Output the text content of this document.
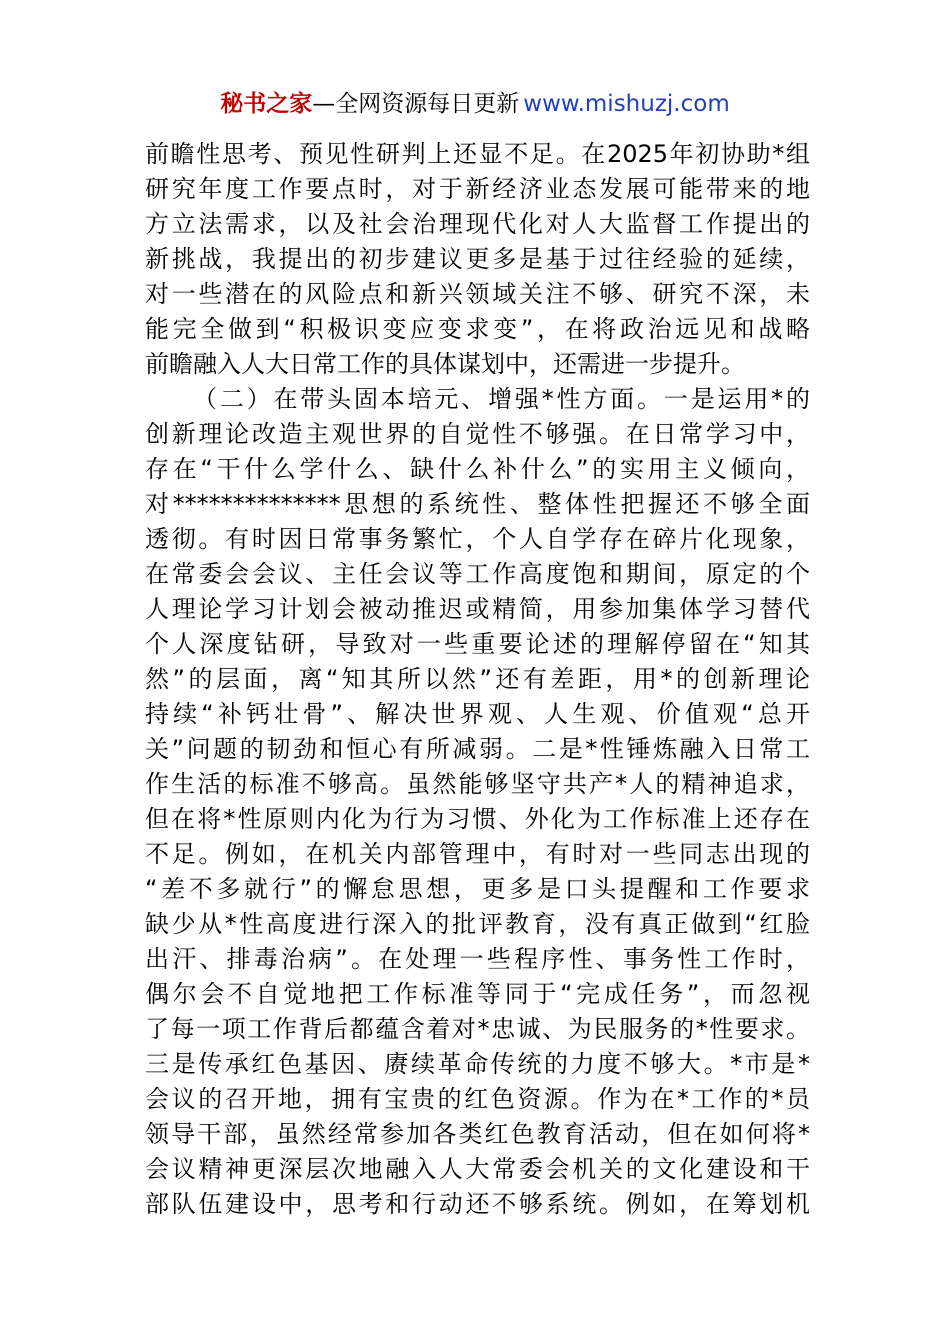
秘书之家—全网资源每日更新 www.mishuzj.com
前瞻性思考、预见性研判上还显不足。在2025年初协助*组
研究年度工作要点时，对于新经济业态发展可能带来的地
方立法需求，以及社会治理现代化对人大监督工作提出的
新挑战，我提出的初步建议更多是基于过往经验的延续，
对一些潜在的风险点和新兴领域关注不够、研究不深，未
能完全做到“积极识变应变求变”，在将政治远见和战略
前瞻融入人大日常工作的具体谋划中，还需进一步提升。
（二）在带头固本培元、增强*性方面。一是运用*的
创新理论改造主观世界的自觉性不够强。在日常学习中，
存在“干什么学什么、缺什么补什么”的实用主义倾向，
对**************思想的系统性、整体性把握还不够全面
透彻。有时因日常事务繁忙，个人自学存在碎片化现象，
在常委会会议、主任会议等工作高度饱和期间，原定的个
人理论学习计划会被动推迟或精简，用参加集体学习替代
个人深度钻研，导致对一些重要论述的理解停留在“知其
然”的层面，离“知其所以然”还有差距，用*的创新理论
持续“补钙壮骨”、解决世界观、人生观、价值观“总开
关”问题的韧劲和恒心有所减弱。二是*性锤炼融入日常工
作生活的标准不够高。虽然能够坚守共产*人的精神追求，
但在将*性原则内化为行为习惯、外化为工作标准上还存在
不足。例如，在机关内部管理中，有时对一些同志出现的
“差不多就行”的懈怠思想，更多是口头提醒和工作要求
缺少从*性高度进行深入的批评教育，没有真正做到“红脸
出汗、排毒治病”。在处理一些程序性、事务性工作时，
偶尔会不自觉地把工作标准等同于“完成任务”，而忽视
了每一项工作背后都蕴含着对*忠诚、为民服务的*性要求。
三是传承红色基因、赓续革命传统的力度不够大。*市是*
会议的召开地，拥有宝贵的红色资源。作为在*工作的*员
领导干部，虽然经常参加各类红色教育活动，但在如何将*
会议精神更深层次地融入人大常委会机关的文化建设和干
部队伍建设中，思考和行动还不够系统。例如，在筹划机
